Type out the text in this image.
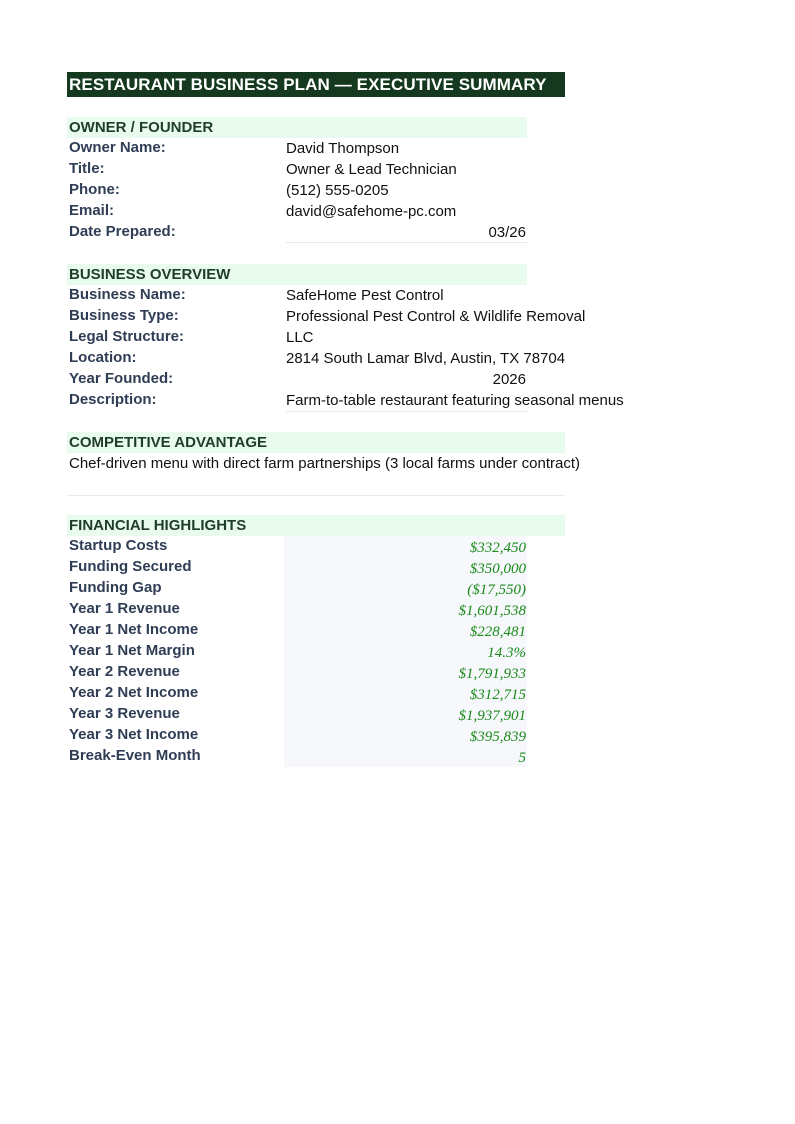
RESTAURANT BUSINESS PLAN — EXECUTIVE SUMMARY
OWNER / FOUNDER
Owner Name:	David Thompson
Title:	Owner & Lead Technician
Phone:	(512) 555-0205
Email:	david@safehome-pc.com
Date Prepared:	03/26
BUSINESS OVERVIEW
Business Name:	SafeHome Pest Control
Business Type:	Professional Pest Control & Wildlife Removal
Legal Structure:	LLC
Location:	2814 South Lamar Blvd, Austin, TX 78704
Year Founded:	2026
Description:	Farm-to-table restaurant featuring seasonal menus
COMPETITIVE ADVANTAGE
Chef-driven menu with direct farm partnerships (3 local farms under contract)
FINANCIAL HIGHLIGHTS
Startup Costs	$332,450
Funding Secured	$350,000
Funding Gap	($17,550)
Year 1 Revenue	$1,601,538
Year 1 Net Income	$228,481
Year 1 Net Margin	14.3%
Year 2 Revenue	$1,791,933
Year 2 Net Income	$312,715
Year 3 Revenue	$1,937,901
Year 3 Net Income	$395,839
Break-Even Month	5
